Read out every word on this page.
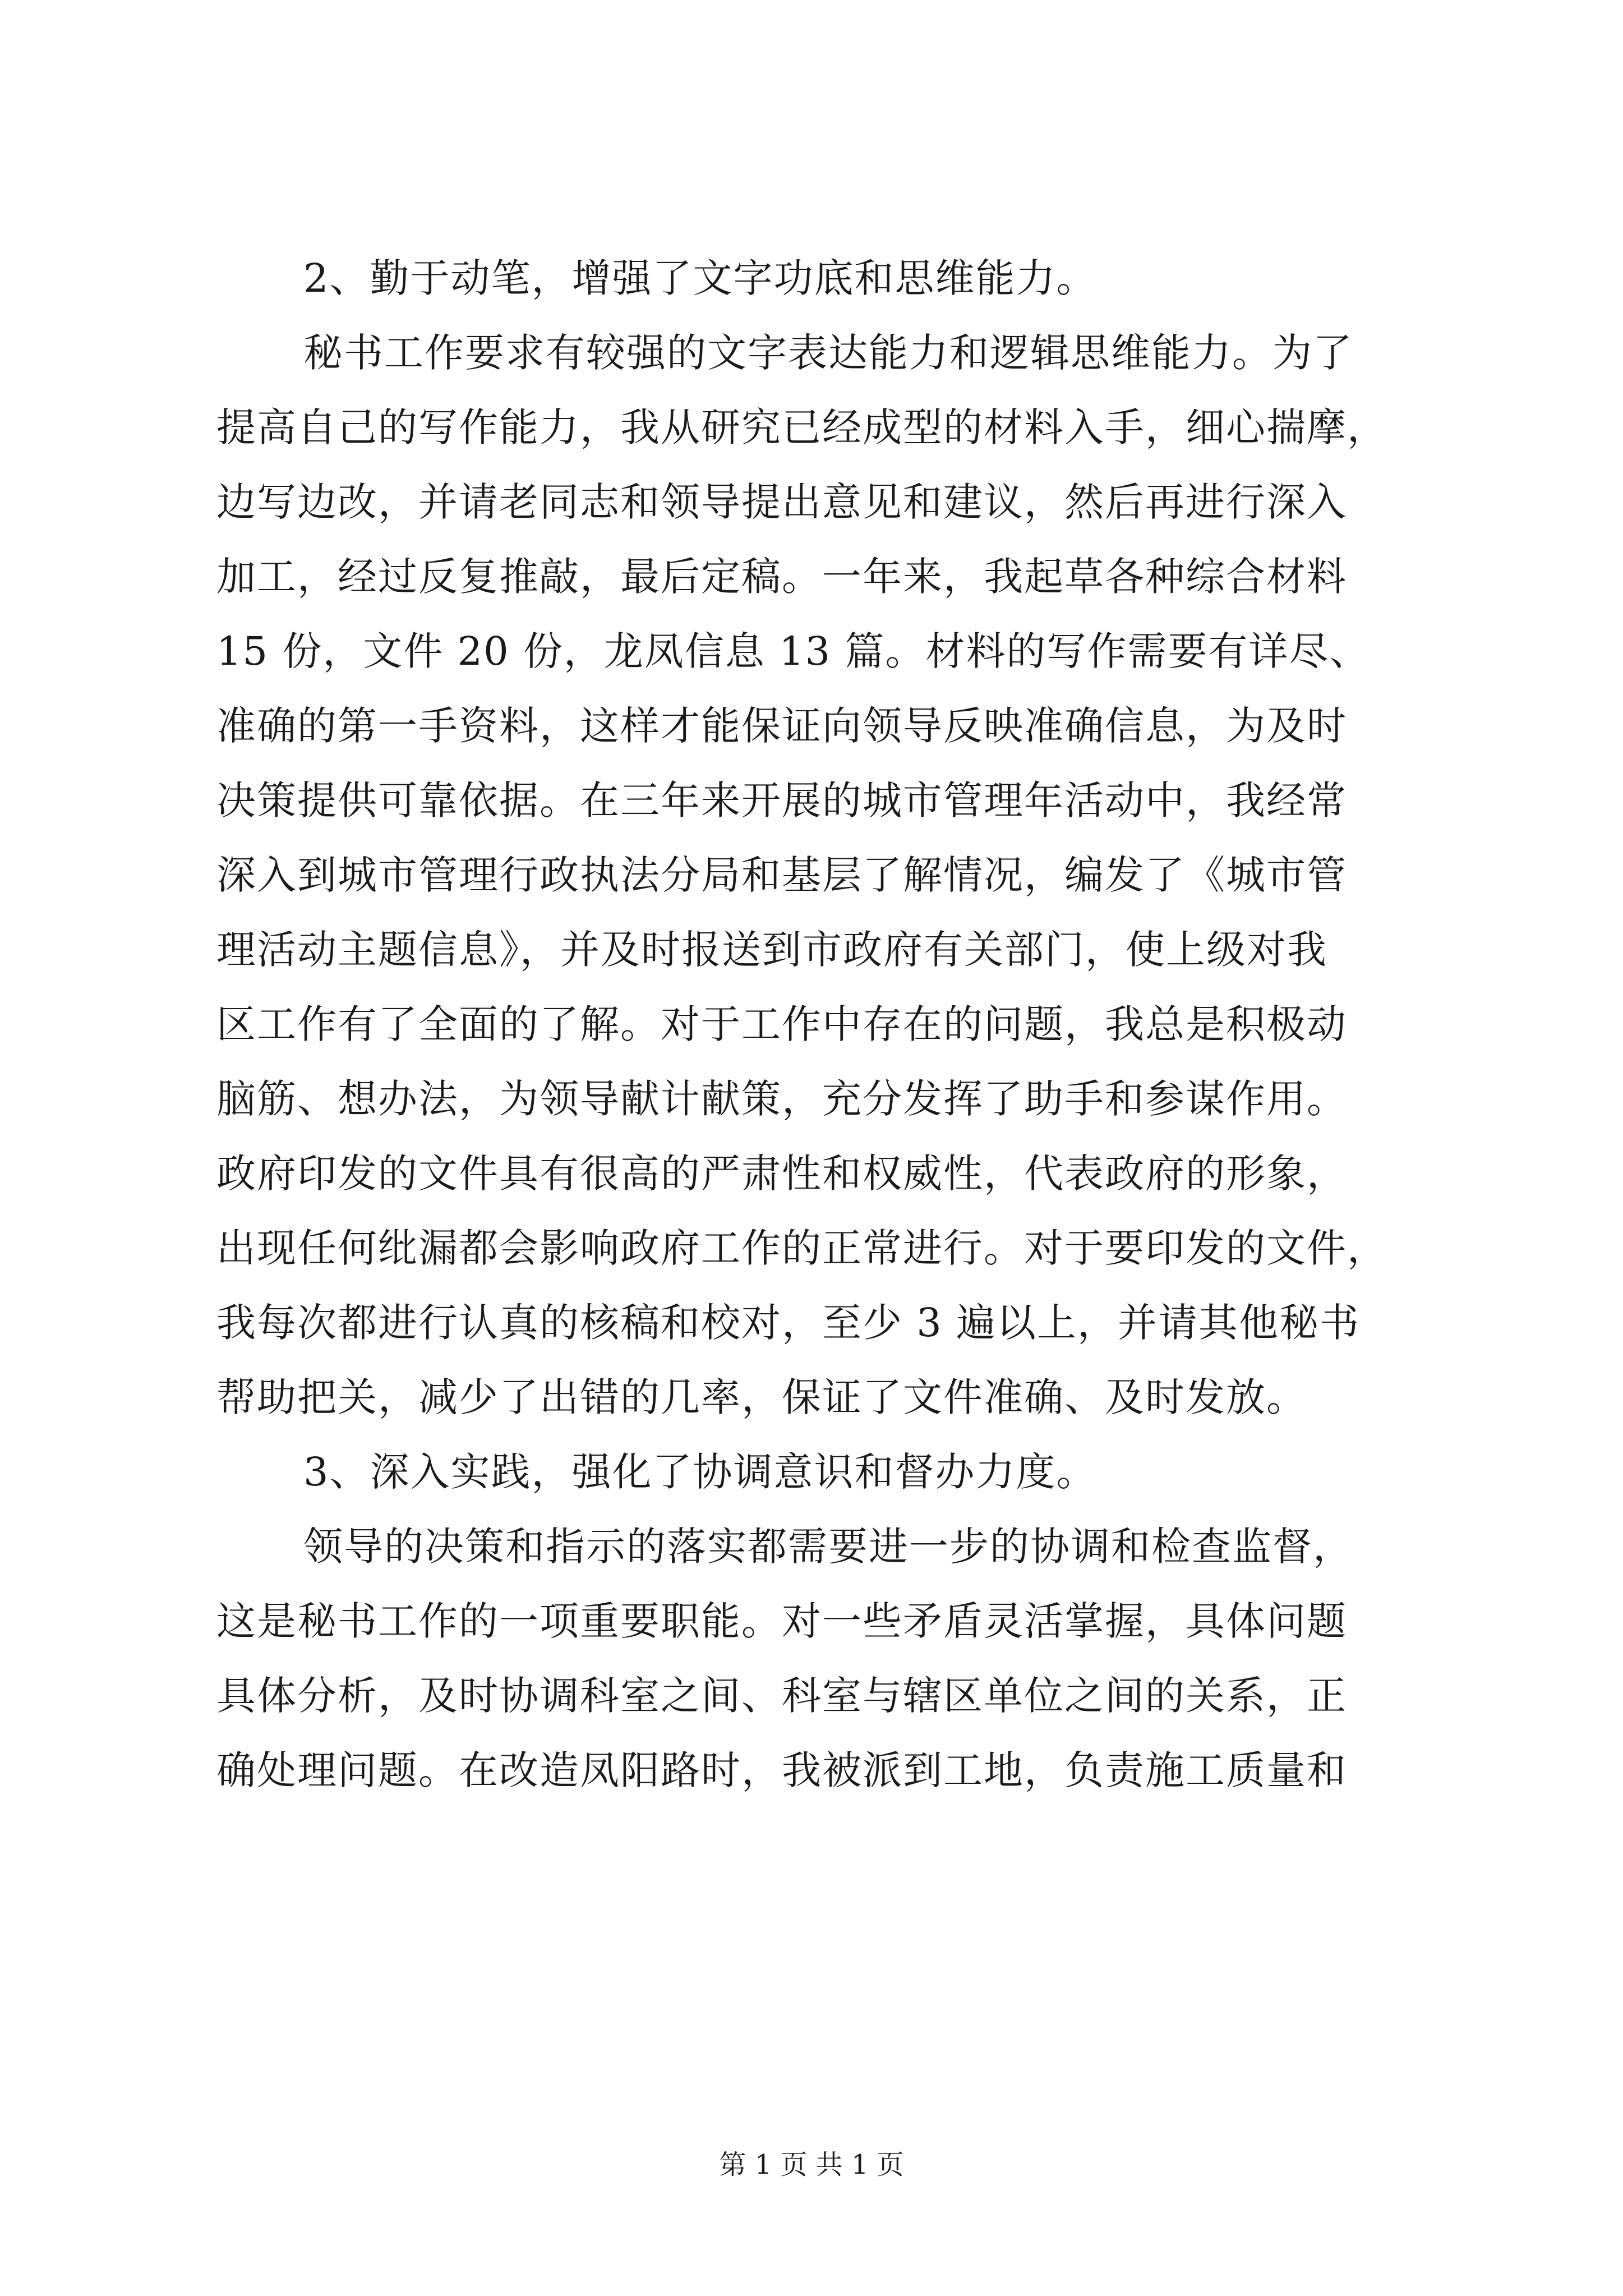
2、勤于动笔，增强了文字功底和思维能力。
秘书工作要求有较强的文字表达能力和逻辑思维能力。为了
提高自己的写作能力，我从研究已经成型的材料入手，细心揣摩，
边写边改，并请老同志和领导提出意见和建议，然后再进行深入
加工，经过反复推敲，最后定稿。一年来，我起草各种综合材料
15 份，文件 20 份，龙凤信息 13 篇。材料的写作需要有详尽、
准确的第一手资料，这样才能保证向领导反映准确信息，为及时
决策提供可靠依据。在三年来开展的城市管理年活动中，我经常
深入到城市管理行政执法分局和基层了解情况，编发了《城市管
理活动主题信息》，并及时报送到市政府有关部门，使上级对我
区工作有了全面的了解。对于工作中存在的问题，我总是积极动
脑筋、想办法，为领导献计献策，充分发挥了助手和参谋作用。
政府印发的文件具有很高的严肃性和权威性，代表政府的形象，
出现任何纰漏都会影响政府工作的正常进行。对于要印发的文件，
我每次都进行认真的核稿和校对，至少 3 遍以上，并请其他秘书
帮助把关，减少了出错的几率，保证了文件准确、及时发放。
3、深入实践，强化了协调意识和督办力度。
领导的决策和指示的落实都需要进一步的协调和检查监督，
这是秘书工作的一项重要职能。对一些矛盾灵活掌握，具体问题
具体分析，及时协调科室之间、科室与辖区单位之间的关系，正
确处理问题。在改造凤阳路时，我被派到工地，负责施工质量和
第 1 页 共 1 页
